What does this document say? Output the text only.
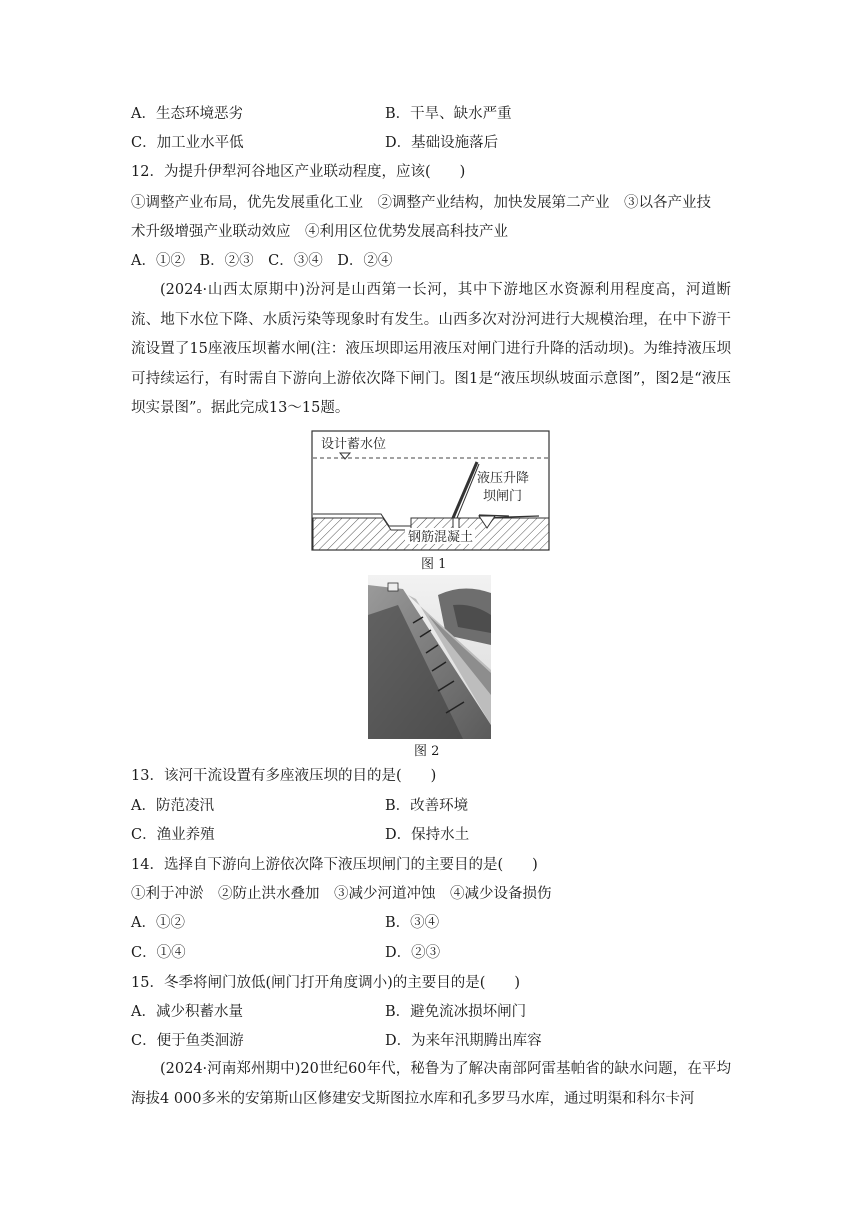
A．生态环境恶劣	B．干旱、缺水严重
C．加工业水平低	D．基础设施落后
12．为提升伊犁河谷地区产业联动程度，应该(　　)
①调整产业布局，优先发展重化工业　②调整产业结构，加快发展第二产业　③以各产业技
术升级增强产业联动效应　④利用区位优势发展高科技产业
A．①②　B．②③　C．③④　D．②④
(2024·山西太原期中)汾河是山西第一长河，其中下游地区水资源利用程度高，河道断流、地下水位下降、水质污染等现象时有发生。山西多次对汾河进行大规模治理，在中下游干流设置了15座液压坝蓄水闸(注：液压坝即运用液压对闸门进行升降的活动坝)。为维持液压坝可持续运行，有时需自下游向上游依次降下闸门。图1是“液压坝纵坡面示意图”，图2是“液压坝实景图”。据此完成13～15题。
设计蓄水位
液压升降
坝闸门
钢筋混凝土
图 1
图 2
13．该河干流设置有多座液压坝的目的是(　　)
A．防范凌汛	B．改善环境
C．渔业养殖	D．保持水土
14．选择自下游向上游依次降下液压坝闸门的主要目的是(　　)
①利于冲淤　②防止洪水叠加　③减少河道冲蚀　④减少设备损伤
A．①②	B．③④
C．①④	D．②③
15．冬季将闸门放低(闸门打开角度调小)的主要目的是(　　)
A．减少积蓄水量	B．避免流冰损坏闸门
C．便于鱼类洄游	D．为来年汛期腾出库容
(2024·河南郑州期中)20世纪60年代，秘鲁为了解决南部阿雷基帕省的缺水问题，在平均海拔4 000多米的安第斯山区修建安戈斯图拉水库和孔多罗马水库，通过明渠和科尔卡河
